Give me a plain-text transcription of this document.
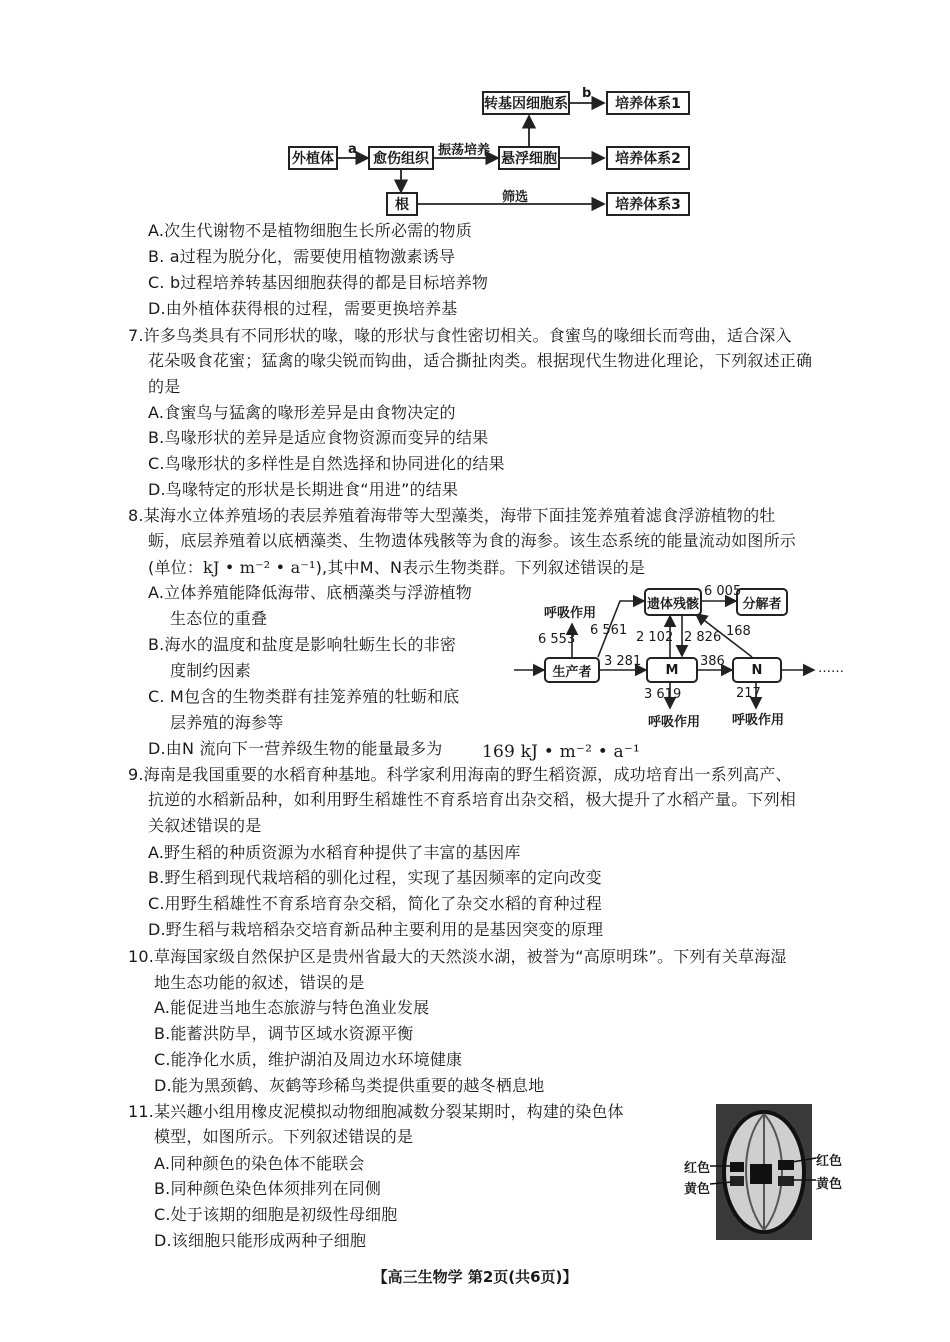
外植体	愈伤组织
转基因细胞系
悬浮细胞
根
培养体系1
培养体系2
培养体系3
a
b
振荡培养
筛选
A.次生代谢物不是植物细胞生长所必需的物质
B. a过程为脱分化，需要使用植物激素诱导
C. b过程培养转基因细胞获得的都是目标培养物
D.由外植体获得根的过程，需要更换培养基
7.许多鸟类具有不同形状的喙，喙的形状与食性密切相关。食蜜鸟的喙细长而弯曲，适合深入
花朵吸食花蜜；猛禽的喙尖锐而钩曲，适合撕扯肉类。根据现代生物进化理论，下列叙述正确
的是
A.食蜜鸟与猛禽的喙形差异是由食物决定的
B.鸟喙形状的差异是适应食物资源而变异的结果
C.鸟喙形状的多样性是自然选择和协同进化的结果
D.鸟喙特定的形状是长期进食“用进”的结果
8.某海水立体养殖场的表层养殖着海带等大型藻类，海带下面挂笼养殖着滤食浮游植物的牡
蛎，底层养殖着以底栖藻类、生物遗体残骸等为食的海参。该生态系统的能量流动如图所示
(单位：kJ • m⁻² • a⁻¹),其中M、N表示生物类群。下列叙述错误的是
A.立体养殖能降低海带、底栖藻类与浮游植物
生态位的重叠
B.海水的温度和盐度是影响牡蛎生长的非密
度制约因素
C. M包含的生物类群有挂笼养殖的牡蛎和底
层养殖的海参等
D.由N 流向下一营养级生物的能量最多为 169 kJ • m⁻² • a⁻¹
生产者
遗体残骸	分解者
M	N
呼吸作用
6 553
6 561
3 281
2 102 2 826
6 005
168
386
3 619	217
呼吸作用 呼吸作用
……
9.海南是我国重要的水稻育种基地。科学家利用海南的野生稻资源，成功培育出一系列高产、
抗逆的水稻新品种，如利用野生稻雄性不育系培育出杂交稻，极大提升了水稻产量。下列相
关叙述错误的是
A.野生稻的种质资源为水稻育种提供了丰富的基因库
B.野生稻到现代栽培稻的驯化过程，实现了基因频率的定向改变
C.用野生稻雄性不育系培育杂交稻，简化了杂交水稻的育种过程
D.野生稻与栽培稻杂交培育新品种主要利用的是基因突变的原理
10.草海国家级自然保护区是贵州省最大的天然淡水湖，被誉为“高原明珠”。下列有关草海湿
地生态功能的叙述，错误的是
A.能促进当地生态旅游与特色渔业发展
B.能蓄洪防旱，调节区域水资源平衡
C.能净化水质，维护湖泊及周边水环境健康
D.能为黑颈鹤、灰鹤等珍稀鸟类提供重要的越冬栖息地
11.某兴趣小组用橡皮泥模拟动物细胞减数分裂某期时，构建的染色体
模型，如图所示。下列叙述错误的是
A.同种颜色的染色体不能联会
B.同种颜色染色体须排列在同侧
C.处于该期的细胞是初级性母细胞
D.该细胞只能形成两种子细胞
红色
黄色
红色
黄色
【高三生物学 第2页(共6页)】
